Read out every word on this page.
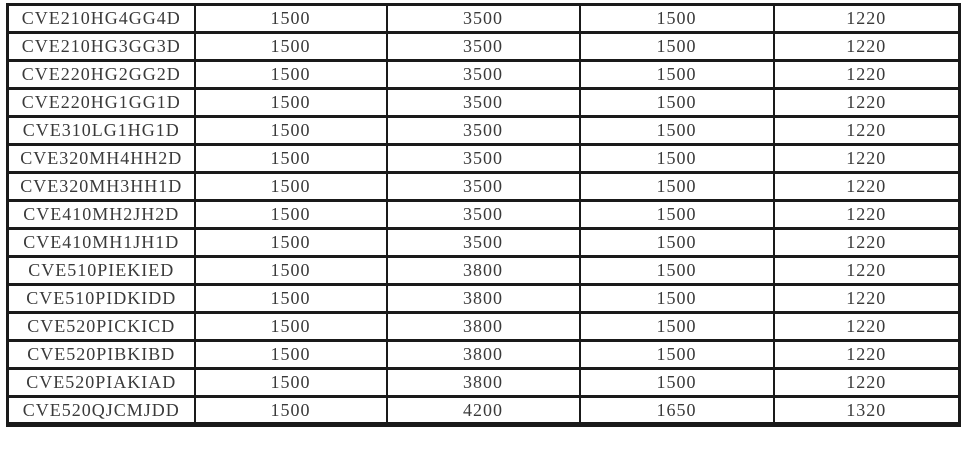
CVE210HG4GG4D	1500	3500	1500	1220
CVE210HG3GG3D	1500	3500	1500	1220
CVE220HG2GG2D	1500	3500	1500	1220
CVE220HG1GG1D	1500	3500	1500	1220
CVE310LG1HG1D	1500	3500	1500	1220
CVE320MH4HH2D	1500	3500	1500	1220
CVE320MH3HH1D	1500	3500	1500	1220
CVE410MH2JH2D	1500	3500	1500	1220
CVE410MH1JH1D	1500	3500	1500	1220
CVE510PIEKIED	1500	3800	1500	1220
CVE510PIDKIDD	1500	3800	1500	1220
CVE520PICKICD	1500	3800	1500	1220
CVE520PIBKIBD	1500	3800	1500	1220
CVE520PIAKIAD	1500	3800	1500	1220
CVE520QJCMJDD	1500	4200	1650	1320
